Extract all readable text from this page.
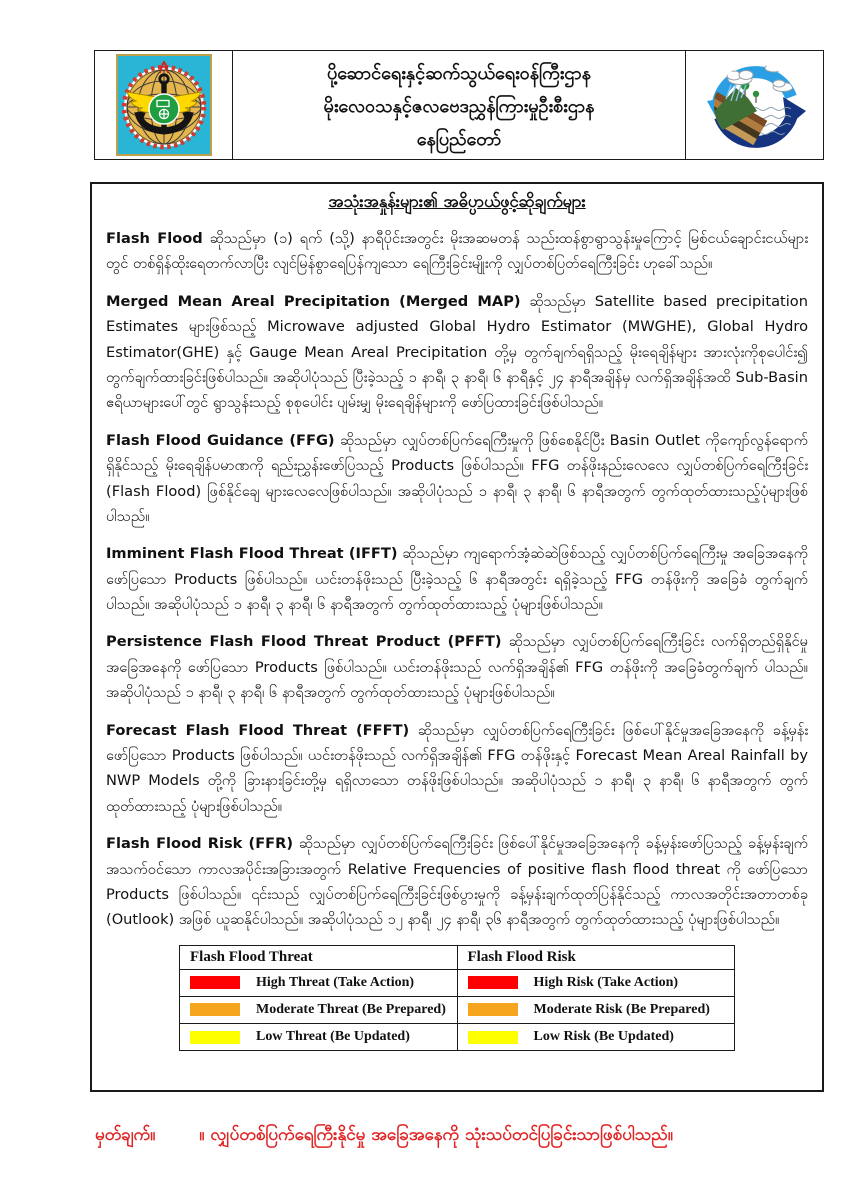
ပို့ဆောင်ရေးနှင့်ဆက်သွယ်ရေးဝန်ကြီးဌာန
မိုးလေဝသနှင့်ဇလဗေဒညွှန်ကြားမှုဦးစီးဌာန
နေပြည်တော်
အသုံးအနှုန်းများ၏ အဓိပ္ပာယ်ဖွင့်ဆိုချက်များ

Flash Flood ဆိုသည်မှာ (၁) ရက် (သို့) နာရီပိုင်းအတွင်း မိုးအဆမတန် သည်းထန်စွာရွာသွန်းမှုကြောင့် မြစ်ငယ်ချောင်းငယ်များတွင် တစ်ရှိန်ထိုးရေတက်လာပြီး လျင်မြန်စွာရေပြန်ကျသော ရေကြီးခြင်းမျိုးကို လျှပ်တစ်ပြတ်ရေကြီးခြင်း ဟုခေါ်သည်။

Merged Mean Areal Precipitation (Merged MAP) ဆိုသည်မှာ Satellite based precipitation Estimates များဖြစ်သည့် Microwave adjusted Global Hydro Estimator (MWGHE), Global Hydro Estimator(GHE) နှင့် Gauge Mean Areal Precipitation တို့မှ တွက်ချက်ရရှိသည့် မိုးရေချိန်များ အားလုံးကိုစုပေါင်း၍ တွက်ချက်ထားခြင်းဖြစ်ပါသည်။ အဆိုပါပုံသည် ပြီးခဲ့သည့် ၁ နာရီ၊ ၃ နာရီ၊ ၆ နာရီနှင့် ၂၄ နာရီအချိန်မှ လက်ရှိအချိန်အထိ Sub-Basin ဧရိယာများပေါ်တွင် ရွာသွန်းသည့် စုစုပေါင်း ပျမ်းမျှ မိုးရေချိန်များကို ဖော်ပြထားခြင်းဖြစ်ပါသည်။

Flash Flood Guidance (FFG) ဆိုသည်မှာ လျှပ်တစ်ပြက်ရေကြီးမှုကို ဖြစ်စေနိုင်ပြီး Basin Outlet ကိုကျော်လွန်ရောက်ရှိနိုင်သည့် မိုးရေချိန်ပမာဏကို ရည်းညွှန်းဖော်ပြသည့် Products ဖြစ်ပါသည်။ FFG တန်ဖိုးနည်းလေလေ လျှပ်တစ်ပြက်ရေကြီးခြင်း (Flash Flood) ဖြစ်နိုင်ချေ များလေလေဖြစ်ပါသည်။ အဆိုပါပုံသည် ၁ နာရီ၊ ၃ နာရီ၊ ၆ နာရီအတွက် တွက်ထုတ်ထားသည့်ပုံများဖြစ်ပါသည်။

Imminent Flash Flood Threat (IFFT) ဆိုသည်မှာ ကျရောက်အံ့ဆဲဆဲဖြစ်သည့် လျှပ်တစ်ပြက်ရေကြီးမှု အခြေအနေကို ဖော်ပြသော Products ဖြစ်ပါသည်။ ယင်းတန်ဖိုးသည် ပြီးခဲ့သည့် ၆ နာရီအတွင်း ရရှိခဲ့သည့် FFG တန်ဖိုးကို အခြေခံ တွက်ချက်ပါသည်။ အဆိုပါပုံသည် ၁ နာရီ၊ ၃ နာရီ၊ ၆ နာရီအတွက် တွက်ထုတ်ထားသည့် ပုံများဖြစ်ပါသည်။

Persistence Flash Flood Threat Product (PFFT) ဆိုသည်မှာ လျှပ်တစ်ပြက်ရေကြီးခြင်း လက်ရှိတည်ရှိနိုင်မှု အခြေအနေကို ဖော်ပြသော Products ဖြစ်ပါသည်။ ယင်းတန်ဖိုးသည် လက်ရှိအချိန်၏ FFG တန်ဖိုးကို အခြေခံတွက်ချက် ပါသည်။ အဆိုပါပုံသည် ၁ နာရီ၊ ၃ နာရီ၊ ၆ နာရီအတွက် တွက်ထုတ်ထားသည့် ပုံများဖြစ်ပါသည်။

Forecast Flash Flood Threat (FFFT) ဆိုသည်မှာ လျှပ်တစ်ပြက်ရေကြီးခြင်း ဖြစ်ပေါ်နိုင်မှုအခြေအနေကို ခန့်မှန်းဖော်ပြသော Products ဖြစ်ပါသည်။ ယင်းတန်ဖိုးသည် လက်ရှိအချိန်၏ FFG တန်ဖိုးနှင့် Forecast Mean Areal Rainfall by NWP Models တို့ကို ခြားနားခြင်းတို့မှ ရရှိလာသော တန်ဖိုးဖြစ်ပါသည်။ အဆိုပါပုံသည် ၁ နာရီ၊ ၃ နာရီ၊ ၆ နာရီအတွက် တွက်ထုတ်ထားသည့် ပုံများဖြစ်ပါသည်။

Flash Flood Risk (FFR) ဆိုသည်မှာ လျှပ်တစ်ပြက်ရေကြီးခြင်း ဖြစ်ပေါ်နိုင်မှုအခြေအနေကို ခန့်မှန်းဖော်ပြသည့် ခန့်မှန်းချက် အသက်ဝင်သော ကာလအပိုင်းအခြားအတွက် Relative Frequencies of positive flash flood threat ကို ဖော်ပြသော Products ဖြစ်ပါသည်။ ၎င်းသည် လျှပ်တစ်ပြက်ရေကြီးခြင်းဖြစ်ပွားမှုကို ခန့်မှန်းချက်ထုတ်ပြန်နိုင်သည့် ကာလအတိုင်းအတာတစ်ခု (Outlook) အဖြစ် ယူဆနိုင်ပါသည်။ အဆိုပါပုံသည် ၁၂ နာရီ၊ ၂၄ နာရီ၊ ၃၆ နာရီအတွက် တွက်ထုတ်ထားသည့် ပုံများဖြစ်ပါသည်။

Flash Flood Threat	Flash Flood Risk
High Threat (Take Action)	High Risk (Take Action)
Moderate Threat (Be Prepared)	Moderate Risk (Be Prepared)
Low Threat (Be Updated)	Low Risk (Be Updated)
မှတ်ချက်။	။ လျှပ်တစ်ပြက်ရေကြီးနိုင်မှု အခြေအနေကို သုံးသပ်တင်ပြခြင်းသာဖြစ်ပါသည်။
